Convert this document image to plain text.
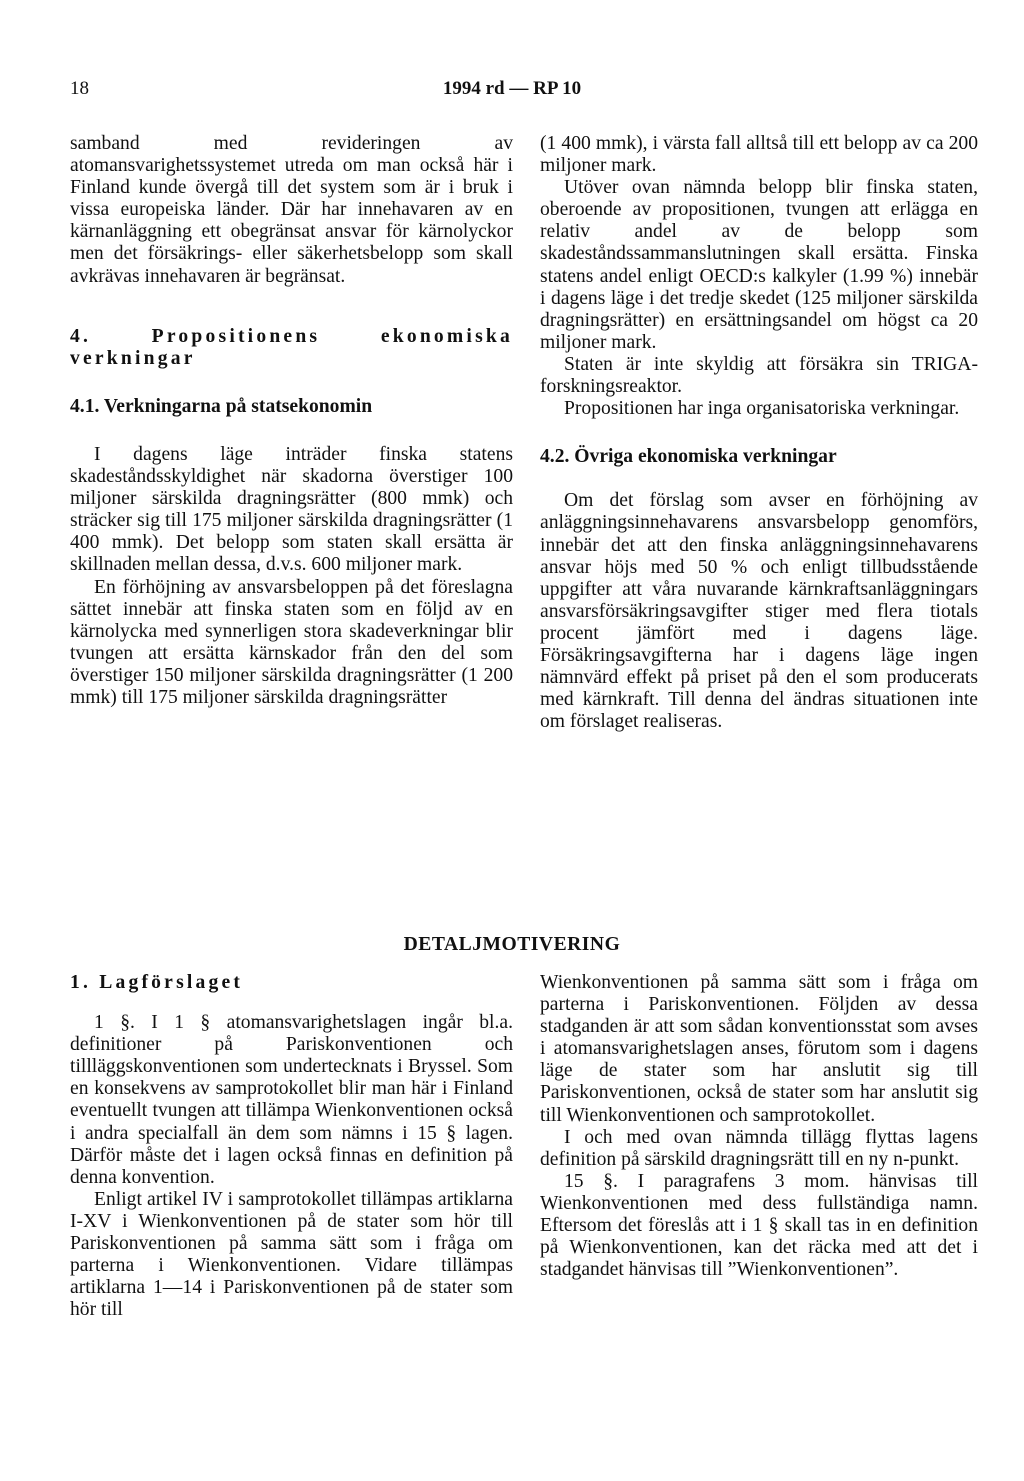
18	1994 rd — RP 10

samband med revideringen av atomansvarighetssystemet utreda om man också här i Finland kunde övergå till det system som är i bruk i vissa europeiska länder. Där har innehavaren av en kärnanläggning ett obegränsat ansvar för kärnolyckor men det försäkrings- eller säkerhetsbelopp som skall avkrävas innehavaren är begränsat.

4. Propositionens ekonomiska verkningar

4.1. Verkningarna på statsekonomin

I dagens läge inträder finska statens skadeståndsskyldighet när skadorna överstiger 100 miljoner särskilda dragningsrätter (800 mmk) och sträcker sig till 175 miljoner särskilda dragningsrätter (1 400 mmk). Det belopp som staten skall ersätta är skillnaden mellan dessa, d.v.s. 600 miljoner mark.

En förhöjning av ansvarsbeloppen på det föreslagna sättet innebär att finska staten som en följd av en kärnolycka med synnerligen stora skadeverkningar blir tvungen att ersätta kärnskador från den del som överstiger 150 miljoner särskilda dragningsrätter (1 200 mmk) till 175 miljoner särskilda dragningsrätter

(1 400 mmk), i värsta fall alltså till ett belopp av ca 200 miljoner mark.

Utöver ovan nämnda belopp blir finska staten, oberoende av propositionen, tvungen att erlägga en relativ andel av de belopp som skadeståndssammanslutningen skall ersätta. Finska statens andel enligt OECD:s kalkyler (1.99 %) innebär i dagens läge i det tredje skedet (125 miljoner särskilda dragningsrätter) en ersättningsandel om högst ca 20 miljoner mark.

Staten är inte skyldig att försäkra sin TRIGA-forskningsreaktor.

Propositionen har inga organisatoriska verkningar.

4.2. Övriga ekonomiska verkningar

Om det förslag som avser en förhöjning av anläggningsinnehavarens ansvarsbelopp genomförs, innebär det att den finska anläggningsinnehavarens ansvar höjs med 50 % och enligt tillbudsstående uppgifter att våra nuvarande kärnkraftsanläggningars ansvarsförsäkringsavgifter stiger med flera tiotals procent jämfört med i dagens läge. Försäkringsavgifterna har i dagens läge ingen nämnvärd effekt på priset på den el som producerats med kärnkraft. Till denna del ändras situationen inte om förslaget realiseras.

DETALJMOTIVERING

1. Lagförslaget

1 §. I 1 § atomansvarighetslagen ingår bl.a. definitioner på Pariskonventionen och tillläggskonventionen som undertecknats i Bryssel. Som en konsekvens av samprotokollet blir man här i Finland eventuellt tvungen att tillämpa Wienkonventionen också i andra specialfall än dem som nämns i 15 § lagen. Därför måste det i lagen också finnas en definition på denna konvention.

Enligt artikel IV i samprotokollet tillämpas artiklarna I-XV i Wienkonventionen på de stater som hör till Pariskonventionen på samma sätt som i fråga om parterna i Wienkonventionen. Vidare tillämpas artiklarna 1—14 i Pariskonventionen på de stater som hör till

Wienkonventionen på samma sätt som i fråga om parterna i Pariskonventionen. Följden av dessa stadganden är att som sådan konventionsstat som avses i atomansvarighetslagen anses, förutom som i dagens läge de stater som har anslutit sig till Pariskonventionen, också de stater som har anslutit sig till Wienkonventionen och samprotokollet.

I och med ovan nämnda tillägg flyttas lagens definition på särskild dragningsrätt till en ny n-punkt.

15 §. I paragrafens 3 mom. hänvisas till Wienkonventionen med dess fullständiga namn. Eftersom det föreslås att i 1 § skall tas in en definition på Wienkonventionen, kan det räcka med att det i stadgandet hänvisas till ”Wienkonventionen”.
